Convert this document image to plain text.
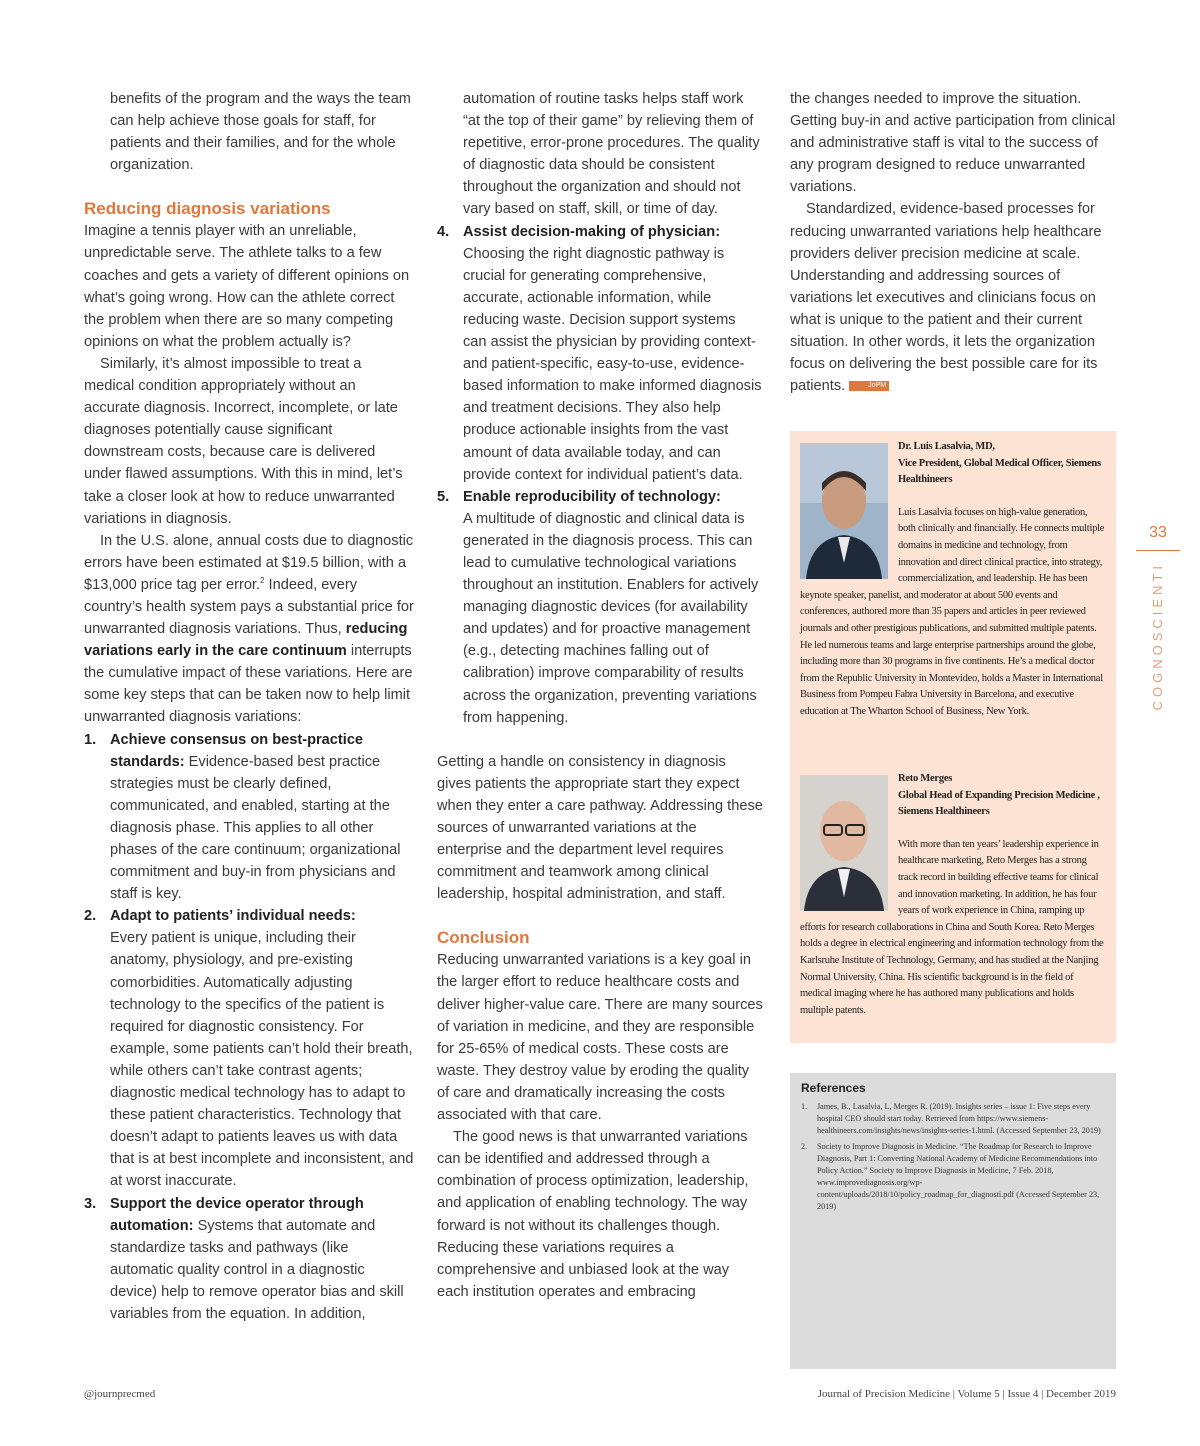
benefits of the program and the ways the team can help achieve those goals for staff, for patients and their families, and for the whole organization.

Reducing diagnosis variations

Imagine a tennis player with an unreliable, unpredictable serve. The athlete talks to a few coaches and gets a variety of different opinions on what’s going wrong. How can the athlete correct the problem when there are so many competing opinions on what the problem actually is?

Similarly, it’s almost impossible to treat a medical condition appropriately without an accurate diagnosis. Incorrect, incomplete, or late diagnoses potentially cause significant downstream costs, because care is delivered under flawed assumptions. With this in mind, let’s take a closer look at how to reduce unwarranted variations in diagnosis.

In the U.S. alone, annual costs due to diagnostic errors have been estimated at $19.5 billion, with a $13,000 price tag per error.$^2$ Indeed, every country’s health system pays a substantial price for unwarranted diagnosis variations. Thus, reducing variations early in the care continuum interrupts the cumulative impact of these variations. Here are some key steps that can be taken now to help limit unwarranted diagnosis variations:

1. Achieve consensus on best-practice standards: Evidence-based best practice strategies must be clearly defined, communicated, and enabled, starting at the diagnosis phase. This applies to all other phases of the care continuum; organizational commitment and buy-in from physicians and staff is key.
2. Adapt to patients’ individual needs:
Every patient is unique, including their anatomy, physiology, and pre-existing comorbidities. Automatically adjusting technology to the specifics of the patient is required for diagnostic consistency. For example, some patients can’t hold their breath, while others can’t take contrast agents; diagnostic medical technology has to adapt to these patient characteristics. Technology that doesn’t adapt to patients leaves us with data that is at best incomplete and inconsistent, and at worst inaccurate.
3. Support the device operator through automation: Systems that automate and standardize tasks and pathways (like automatic quality control in a diagnostic device) help to remove operator bias and skill variables from the equation. In addition,

automation of routine tasks helps staff work “at the top of their game” by relieving them of repetitive, error-prone procedures. The quality of diagnostic data should be consistent throughout the organization and should not vary based on staff, skill, or time of day.

4. Assist decision-making of physician:
Choosing the right diagnostic pathway is crucial for generating comprehensive, accurate, actionable information, while reducing waste. Decision support systems can assist the physician by providing context- and patient-specific, easy-to-use, evidence-based information to make informed diagnosis and treatment decisions. They also help produce actionable insights from the vast amount of data available today, and can provide context for individual patient’s data.
5. Enable reproducibility of technology:
A multitude of diagnostic and clinical data is generated in the diagnosis process. This can lead to cumulative technological variations throughout an institution. Enablers for actively managing diagnostic devices (for availability and updates) and for proactive management (e.g., detecting machines falling out of calibration) improve comparability of results across the organization, preventing variations from happening.

Getting a handle on consistency in diagnosis gives patients the appropriate start they expect when they enter a care pathway. Addressing these sources of unwarranted variations at the enterprise and the department level requires commitment and teamwork among clinical leadership, hospital administration, and staff.

Conclusion

Reducing unwarranted variations is a key goal in the larger effort to reduce healthcare costs and deliver higher-value care. There are many sources of variation in medicine, and they are responsible for 25-65% of medical costs. These costs are waste. They destroy value by eroding the quality of care and dramatically increasing the costs associated with that care.

The good news is that unwarranted variations can be identified and addressed through a combination of process optimization, leadership, and application of enabling technology. The way forward is not without its challenges though. Reducing these variations requires a comprehensive and unbiased look at the way each institution operates and embracing

the changes needed to improve the situation. Getting buy-in and active participation from clinical and administrative staff is vital to the success of any program designed to reduce unwarranted variations.

Standardized, evidence-based processes for reducing unwarranted variations help healthcare providers deliver precision medicine at scale. Understanding and addressing sources of variations let executives and clinicians focus on what is unique to the patient and their current situation. In other words, it lets the organization focus on delivering the best possible care for its patients.	JoPM

Dr. Luis Lasalvia, MD,
Vice President, Global Medical Officer, Siemens Healthineers
Luis Lasalvia focuses on high-value generation, both clinically and financially. He connects multiple domains in medicine and technology, from innovation and direct clinical practice, into strategy, commercialization, and leadership. He has been keynote speaker, panelist, and moderator at about 500 events and conferences, authored more than 35 papers and articles in peer reviewed journals and other prestigious publications, and submitted multiple patents. He led numerous teams and large enterprise partnerships around the globe, including more than 30 programs in five continents. He’s a medical doctor from the Republic University in Montevideo, holds a Master in International Business from Pompeu Fabra University in Barcelona, and executive education at The Wharton School of Business, New York.
Reto Merges
Global Head of Expanding Precision Medicine , Siemens Healthineers
With more than ten years’ leadership experience in healthcare marketing, Reto Merges has a strong track record in building effective teams for clinical and innovation marketing. In addition, he has four years of work experience in China, ramping up efforts for research collaborations in China and South Korea. Reto Merges holds a degree in electrical engineering and information technology from the Karlsruhe Institute of Technology, Germany, and has studied at the Nanjing Normal University, China. His scientific background is in the field of medical imaging where he has authored many publications and holds multiple patents.
References
1. James, B., Lasalvia, L, Merges R. (2019). Insights series – issue 1: Five steps every hospital CEO should start today. Retrieved from https://www.siemens-healthineers.com/insights/news/insights-series-1.html. (Accessed September 23, 2019)
2. Society to Improve Diagnosis in Medicine. “The Roadmap for Research to Improve Diagnosis, Part 1: Converting National Academy of Medicine Recommendations into Policy Action.” Society to Improve Diagnosis in Medicine, 7 Feb. 2018, www.improvediagnosis.org/wp-content/uploads/2018/10/policy_roadmap_for_diagnosti.pdf (Accessed September 23, 2019)
33
COGNOSCIENTI
@journprecmed	Journal of Precision Medicine | Volume 5 | Issue 4 | December 2019
